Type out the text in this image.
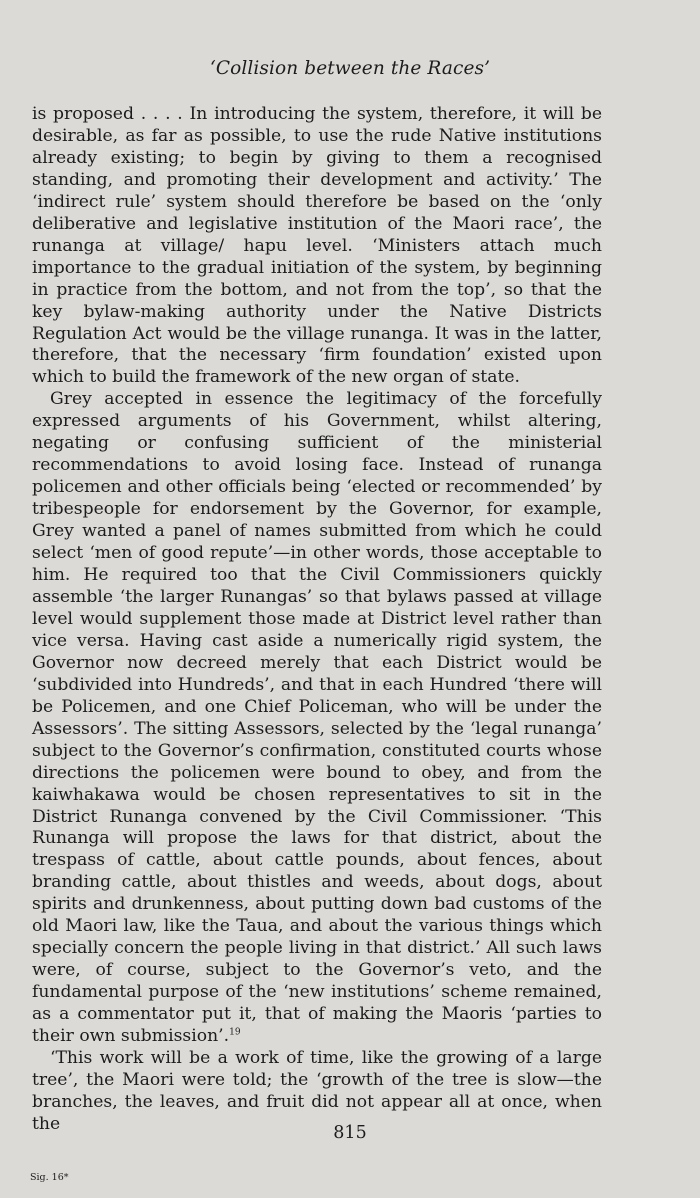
‘Collision between the Races’

is proposed . . . . In introducing the system, therefore, it will be desirable, as far as possible, to use the rude Native institutions already existing; to begin by giving to them a recognised standing, and promoting their development and activity.’ The ‘indirect rule’ system should therefore be based on the ‘only deliberative and legislative institution of the Maori race’, the runanga at village/ hapu level. ‘Ministers attach much importance to the gradual initiation of the system, by beginning in practice from the bottom, and not from the top’, so that the key bylaw-making authority under the Native Districts Regulation Act would be the village runanga. It was in the latter, therefore, that the necessary ‘firm foundation’ existed upon which to build the framework of the new organ of state.

Grey accepted in essence the legitimacy of the forcefully expressed arguments of his Government, whilst altering, negating or confusing sufficient of the ministerial recommendations to avoid losing face. Instead of runanga policemen and other officials being ‘elected or recommended’ by tribespeople for endorsement by the Governor, for example, Grey wanted a panel of names submitted from which he could select ‘men of good repute’—in other words, those acceptable to him. He required too that the Civil Commissioners quickly assemble ‘the larger Runangas’ so that bylaws passed at village level would supplement those made at District level rather than vice versa. Having cast aside a numerically rigid system, the Governor now decreed merely that each District would be ‘subdivided into Hundreds’, and that in each Hundred ‘there will be Policemen, and one Chief Policeman, who will be under the Assessors’. The sitting Assessors, selected by the ‘legal runanga’ subject to the Governor’s confirmation, constituted courts whose directions the policemen were bound to obey, and from the kaiwhakawa would be chosen representatives to sit in the District Runanga convened by the Civil Commissioner. ‘This Runanga will propose the laws for that district, about the trespass of cattle, about cattle pounds, about fences, about branding cattle, about thistles and weeds, about dogs, about spirits and drunkenness, about putting down bad customs of the old Maori law, like the Taua, and about the various things which specially concern the people living in that district.’ All such laws were, of course, subject to the Governor’s veto, and the fundamental purpose of the ‘new institutions’ scheme remained, as a commentator put it, that of making the Maoris ‘parties to their own submission’.$^{19}$

‘This work will be a work of time, like the growing of a large tree’, the Maori were told; the ‘growth of the tree is slow—the branches, the leaves, and fruit did not appear all at once, when the	815
Sig. 16*
